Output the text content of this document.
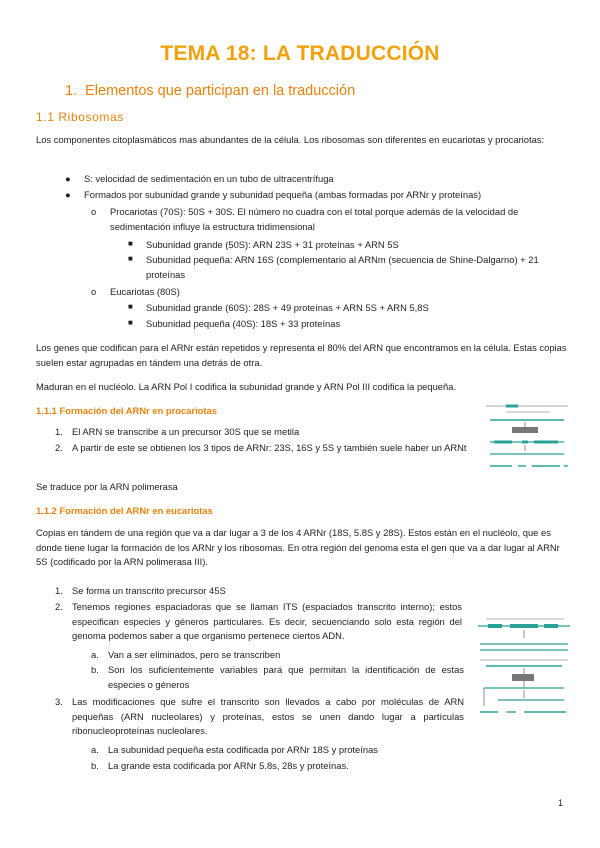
TEMA 18: LA TRADUCCIÓN
1. Elementos que participan en la traducción
1.1 Ribosomas
Los componentes citoplasmáticos mas abundantes de la célula. Los ribosomas son diferentes en eucariotas y procariotas:
● S: velocidad de sedimentación en un tubo de ultracentrífuga
● Formados por subunidad grande y subunidad pequeña (ambas formadas por ARNr y proteínas)
o Procariotas (70S): 50S + 30S. El número no cuadra con el total porque además de la velocidad de sedimentación influye la estructura tridimensional
■ Subunidad grande (50S): ARN 23S + 31 proteínas + ARN 5S
■ Subunidad pequeña: ARN 16S (complementario al ARNm (secuencia de Shine-Dalgarno) + 21 proteínas
o Eucariotas (80S)
■ Subunidad grande (60S): 28S + 49 proteínas + ARN 5S + ARN 5,8S
■ Subunidad pequeña (40S): 18S + 33 proteínas
Los genes que codifican para el ARNr están repetidos y representa el 80% del ARN que encontramos en la célula. Estas copias suelen estar agrupadas en tándem una detrás de otra.
Maduran en el nucléolo. La ARN Pol I codifica la subunidad grande y ARN Pol III codifica la pequeña.
1.1.1 Formación del ARNr en procariotas
1. El ARN se transcribe a un precursor 30S que se metila
2. A partir de este se obtienen los 3 tipos de ARNr: 23S, 16S y 5S y también suele haber un ARNt
Se traduce por la ARN polimerasa
1.1.2 Formación del ARNr en eucariotas
Copias en tándem de una región que va a dar lugar a 3 de los 4 ARNr (18S, 5.8S y 28S). Estos están en el nucléolo, que es donde tiene lugar la formación de los ARNr y los ribosomas. En otra región del genoma esta el gen que va a dar lugar al ARNr 5S (codificado por la ARN polimerasa III).
1. Se forma un transcrito precursor 45S
2. Tenemos regiones espaciadoras que se llaman ITS (espaciados transcrito interno); estos especifican especies y géneros particulares. Es decir, secuenciando solo esta región del genoma podemos saber a que organismo pertenece ciertos ADN.
a. Van a ser eliminados, pero se transcriben
b. Son los suficientemente variables para que permitan la identificación de estas especies o géneros
3. Las modificaciones que sufre el transcrito son llevados a cabo por moléculas de ARN pequeñas (ARN nucleolares) y proteínas, estos se unen dando lugar a partículas ribonucleoproteínas nucleolares.
a. La subunidad pequeña esta codificada por ARNr 18S y proteínas
b. La grande esta codificada por ARNr 5.8s, 28s y proteínas.
1
